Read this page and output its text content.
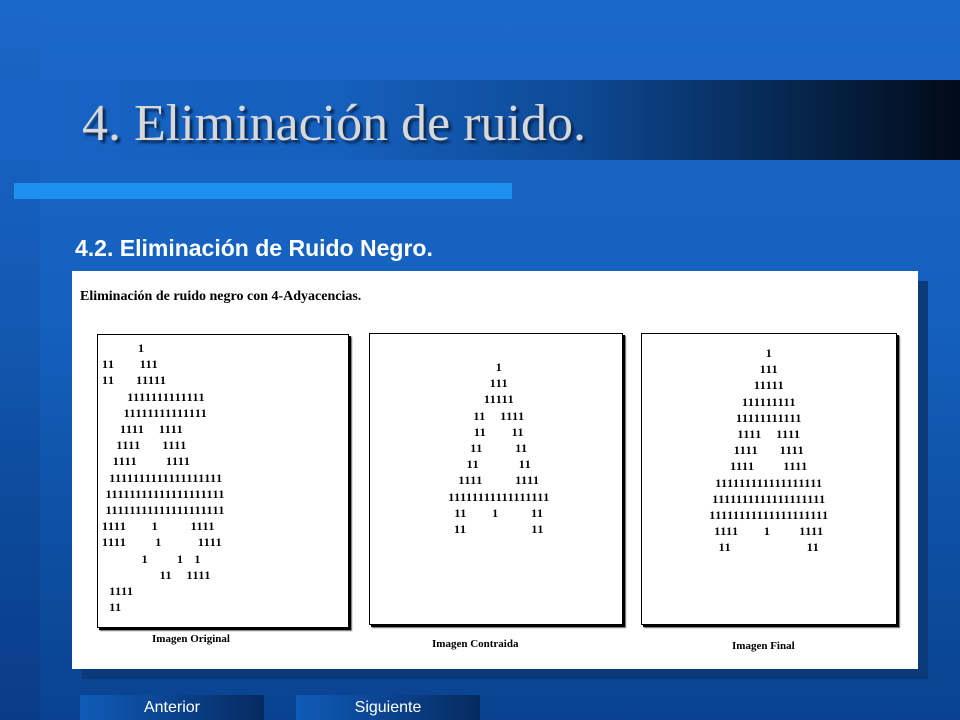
4. Eliminación de ruido.
4.2. Eliminación de Ruido Negro.

Eliminación de ruido negro con 4-Adyacencias.

1
11       111
11      11111
1111111111111
11111111111111
1111    1111
1111      1111
1111        1111
1111111111111111111
11111111111111111111
11111111111111111111
1111       1         1111
1111        1          1111
1        1   1
11    1111
1111
11

Imagen Original

1
111
11111
11    1111
11       11
11         11
11           11
1111         1111
11111111111111111
11       1         11
11                  11

Imagen Contraida

1
111
11111
111111111
11111111111
1111    1111
1111      1111
1111        1111
111111111111111111
1111111111111111111
11111111111111111111
1111       1        1111
11                     11

Imagen Final

Anterior	Siguiente
